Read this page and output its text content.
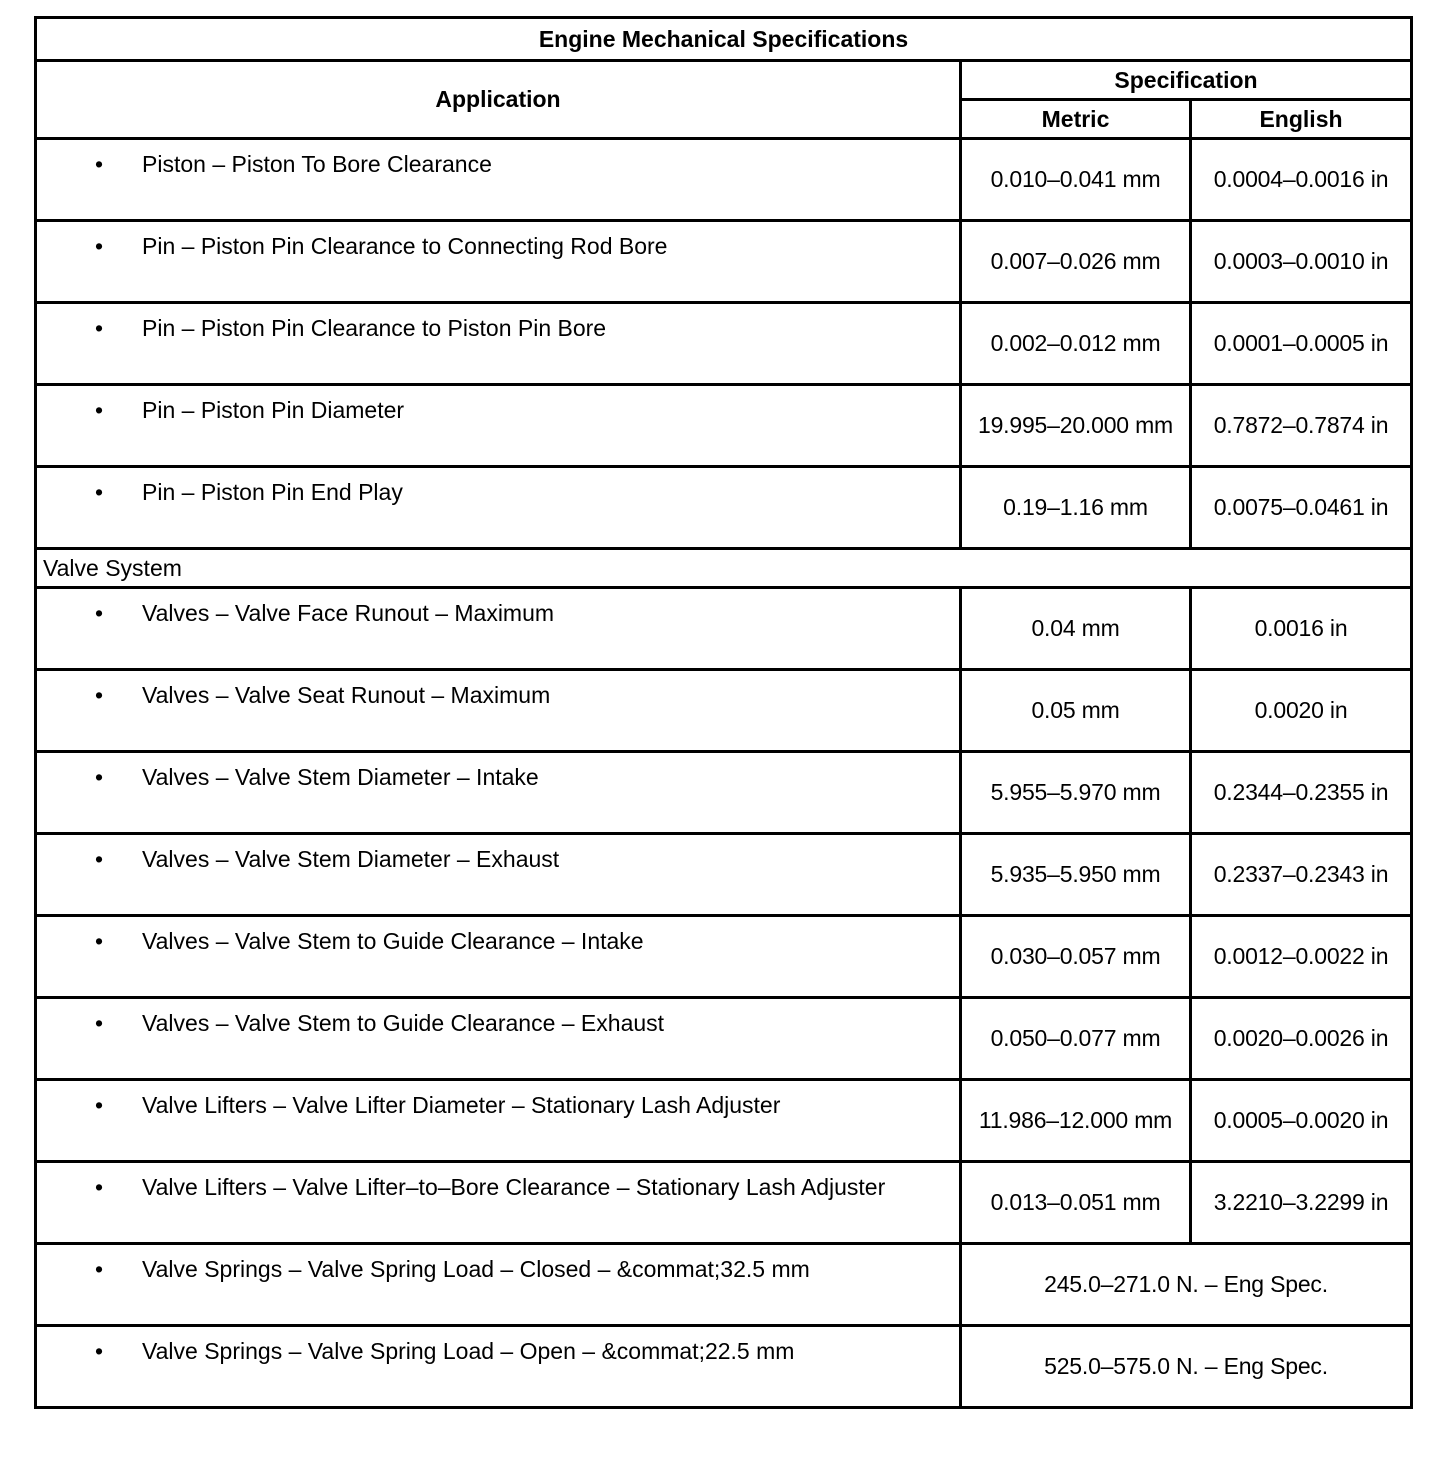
Engine Mechanical Specifications		
Application	Specification	
	Metric	English

• Piston – Piston To Bore Clearance	0.010–0.041 mm	0.0004–0.0016 in

• Pin – Piston Pin Clearance to Connecting Rod Bore	0.007–0.026 mm	0.0003–0.0010 in

• Pin – Piston Pin Clearance to Piston Pin Bore	0.002–0.012 mm	0.0001–0.0005 in

• Pin – Piston Pin Diameter	19.995–20.000 mm	0.7872–0.7874 in

• Pin – Piston Pin End Play	0.19–1.16 mm	0.0075–0.0461 in
Valve System		

• Valves – Valve Face Runout – Maximum	0.04 mm	0.0016 in

• Valves – Valve Seat Runout – Maximum	0.05 mm	0.0020 in

• Valves – Valve Stem Diameter – Intake	5.955–5.970 mm	0.2344–0.2355 in

• Valves – Valve Stem Diameter – Exhaust	5.935–5.950 mm	0.2337–0.2343 in

• Valves – Valve Stem to Guide Clearance – Intake	0.030–0.057 mm	0.0012–0.0022 in

• Valves – Valve Stem to Guide Clearance – Exhaust	0.050–0.077 mm	0.0020–0.0026 in

• Valve Lifters – Valve Lifter Diameter – Stationary Lash Adjuster	11.986–12.000 mm	0.0005–0.0020 in

• Valve Lifters – Valve Lifter–to–Bore Clearance – Stationary Lash Adjuster	0.013–0.051 mm	3.2210–3.2299 in

• Valve Springs – Valve Spring Load – Closed – &commat;32.5 mm	245.0–271.0 N. – Eng Spec.	

• Valve Springs – Valve Spring Load – Open – &commat;22.5 mm	525.0–575.0 N. – Eng Spec.	
